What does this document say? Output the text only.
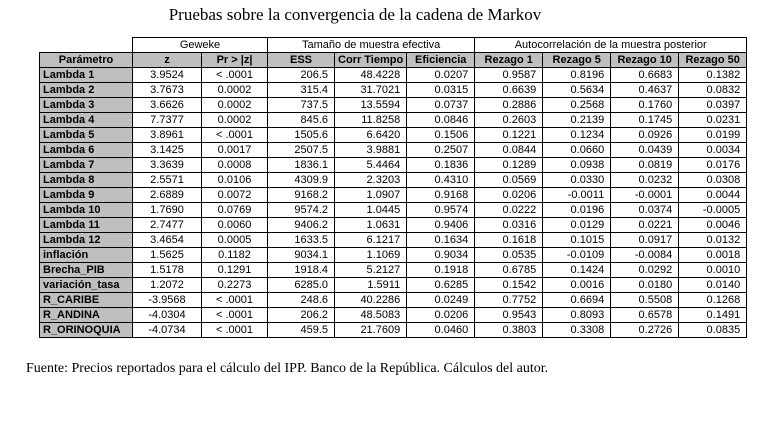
Pruebas sobre la convergencia de la cadena de Markov

	Geweke		Tamaño de muestra efectiva			Autocorrelación de la muestra posterior			
Parámetro	z	Pr > |z|	ESS	Corr Tiempo	Eficiencia	Rezago 1	Rezago 5	Rezago 10	Rezago 50
Lambda 1	3.9524	< .0001	206.5	48.4228	0.0207	0.9587	0.8196	0.6683	0.1382
Lambda 2	3.7673	0.0002	315.4	31.7021	0.0315	0.6639	0.5634	0.4637	0.0832
Lambda 3	3.6626	0.0002	737.5	13.5594	0.0737	0.2886	0.2568	0.1760	0.0397
Lambda 4	7.7377	0.0002	845.6	11.8258	0.0846	0.2603	0.2139	0.1745	0.0231
Lambda 5	3.8961	< .0001	1505.6	6.6420	0.1506	0.1221	0.1234	0.0926	0.0199
Lambda 6	3.1425	0.0017	2507.5	3.9881	0.2507	0.0844	0.0660	0.0439	0.0034
Lambda 7	3.3639	0.0008	1836.1	5.4464	0.1836	0.1289	0.0938	0.0819	0.0176
Lambda 8	2.5571	0.0106	4309.9	2.3203	0.4310	0.0569	0.0330	0.0232	0.0308
Lambda 9	2.6889	0.0072	9168.2	1.0907	0.9168	0.0206	-0.0011	-0.0001	0.0044
Lambda 10	1.7690	0.0769	9574.2	1.0445	0.9574	0.0222	0.0196	0.0374	-0.0005
Lambda 11	2.7477	0.0060	9406.2	1.0631	0.9406	0.0316	0.0129	0.0221	0.0046
Lambda 12	3.4654	0.0005	1633.5	6.1217	0.1634	0.1618	0.1015	0.0917	0.0132
inflación	1.5625	0.1182	9034.1	1.1069	0.9034	0.0535	-0.0109	-0.0084	0.0018
Brecha_PIB	1.5178	0.1291	1918.4	5.2127	0.1918	0.6785	0.1424	0.0292	0.0010
variación_tasa	1.2072	0.2273	6285.0	1.5911	0.6285	0.1542	0.0016	0.0180	0.0140
R_CARIBE	-3.9568	< .0001	248.6	40.2286	0.0249	0.7752	0.6694	0.5508	0.1268
R_ANDINA	-4.0304	< .0001	206.2	48.5083	0.0206	0.9543	0.8093	0.6578	0.1491
R_ORINOQUIA	-4.0734	< .0001	459.5	21.7609	0.0460	0.3803	0.3308	0.2726	0.0835
Fuente: Precios reportados para el cálculo del IPP. Banco de la República. Cálculos del autor.
